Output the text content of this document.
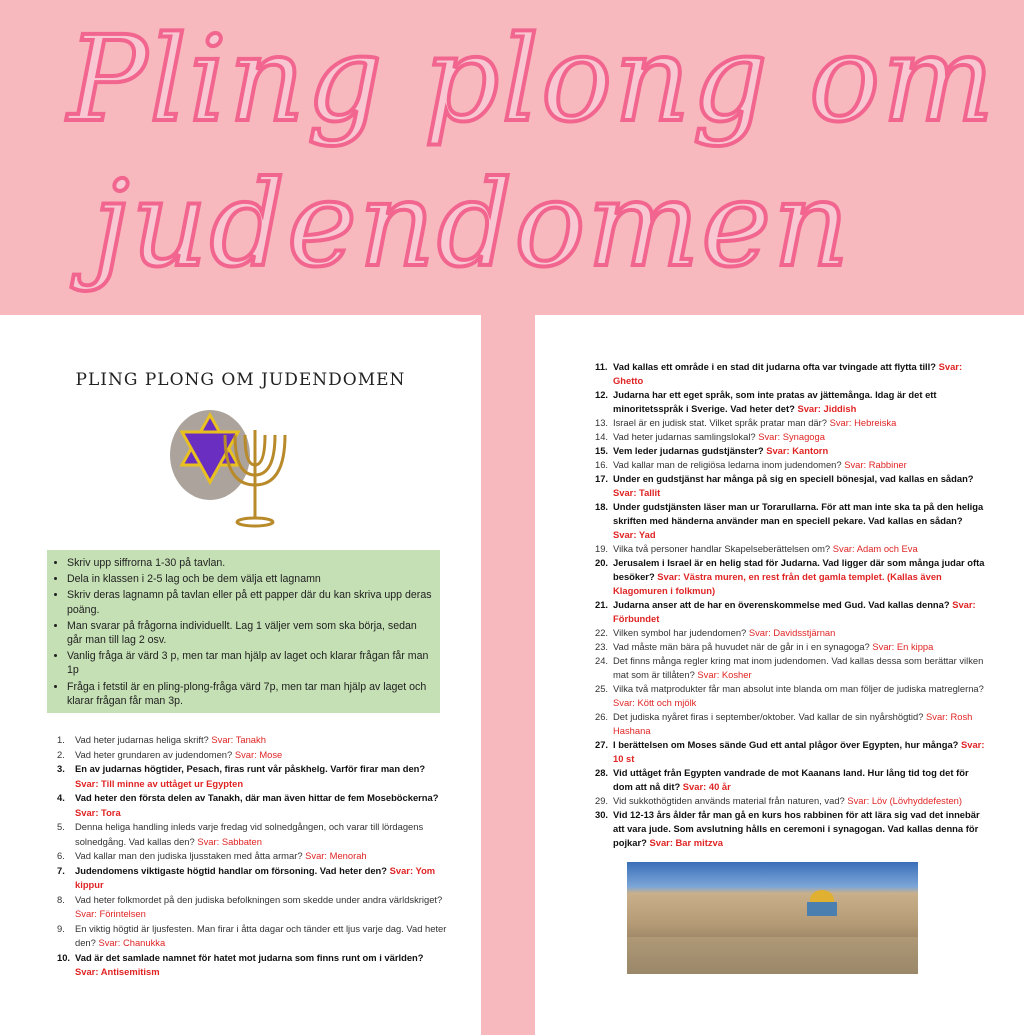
Pling plong om
judendomen
PLING PLONG OM JUDENDOMEN
• Skriv upp siffrorna 1-30 på tavlan.
• Dela in klassen i 2-5 lag och be dem välja ett lagnamn
• Skriv deras lagnamn på tavlan eller på ett papper där du kan skriva upp deras poäng.
• Man svarar på frågorna individuellt. Lag 1 väljer vem som ska börja, sedan går man till lag 2 osv.
• Vanlig fråga är värd 3 p, men tar man hjälp av laget och klarar frågan får man 1p
• Fråga i fetstil är en pling-plong-fråga värd 7p, men tar man hjälp av laget och klarar frågan får man 3p.
1. Vad heter judarnas heliga skrift? Svar: Tanakh
2. Vad heter grundaren av judendomen? Svar: Mose
3. En av judarnas högtider, Pesach, firas runt vår påskhelg. Varför firar man den? Svar: Till minne av uttåget ur Egypten
4. Vad heter den första delen av Tanakh, där man även hittar de fem Moseböckerna? Svar: Tora
5. Denna heliga handling inleds varje fredag vid solnedgången, och varar till lördagens solnedgång. Vad kallas den? Svar: Sabbaten
6. Vad kallar man den judiska ljusstaken med åtta armar? Svar: Menorah
7. Judendomens viktigaste högtid handlar om försoning. Vad heter den? Svar: Yom kippur
8. Vad heter folkmordet på den judiska befolkningen som skedde under andra världskriget? Svar: Förintelsen
9. En viktig högtid är ljusfesten. Man firar i åtta dagar och tänder ett ljus varje dag. Vad heter den? Svar: Chanukka
10. Vad är det samlade namnet för hatet mot judarna som finns runt om i världen? Svar: Antisemitism
11. Vad kallas ett område i en stad dit judarna ofta var tvingade att flytta till? Svar: Ghetto
12. Judarna har ett eget språk, som inte pratas av jättemånga. Idag är det ett minoritetsspråk i Sverige. Vad heter det? Svar: Jiddish
13. Israel är en judisk stat. Vilket språk pratar man där? Svar: Hebreiska
14. Vad heter judarnas samlingslokal? Svar: Synagoga
15. Vem leder judarnas gudstjänster? Svar: Kantorn
16. Vad kallar man de religiösa ledarna inom judendomen? Svar: Rabbiner
17. Under en gudstjänst har många på sig en speciell bönesjal, vad kallas en sådan? Svar: Tallit
18. Under gudstjänsten läser man ur Torarullarna. För att man inte ska ta på den heliga skriften med händerna använder man en speciell pekare. Vad kallas en sådan? Svar: Yad
19. Vilka två personer handlar Skapelseberättelsen om? Svar: Adam och Eva
20. Jerusalem i Israel är en helig stad för Judarna. Vad ligger där som många judar ofta besöker? Svar: Västra muren, en rest från det gamla templet. (Kallas även Klagomuren i folkmun)
21. Judarna anser att de har en överenskommelse med Gud. Vad kallas denna? Svar: Förbundet
22. Vilken symbol har judendomen? Svar: Davidsstjärnan
23. Vad måste män bära på huvudet när de går in i en synagoga? Svar: En kippa
24. Det finns många regler kring mat inom judendomen. Vad kallas dessa som berättar vilken mat som är tillåten? Svar: Kosher
25. Vilka två matprodukter får man absolut inte blanda om man följer de judiska matreglerna? Svar: Kött och mjölk
26. Det judiska nyåret firas i september/oktober. Vad kallar de sin nyårshögtid? Svar: Rosh Hashana
27. I berättelsen om Moses sände Gud ett antal plågor över Egypten, hur många? Svar: 10 st
28. Vid uttåget från Egypten vandrade de mot Kaanans land. Hur lång tid tog det för dom att nå dit? Svar: 40 år
29. Vid sukkothögtiden används material från naturen, vad? Svar: Löv (Lövhyddefesten)
30. Vid 12-13 års ålder får man gå en kurs hos rabbinen för att lära sig vad det innebär att vara jude. Som avslutning hålls en ceremoni i synagogan. Vad kallas denna för pojkar? Svar: Bar mitzva
